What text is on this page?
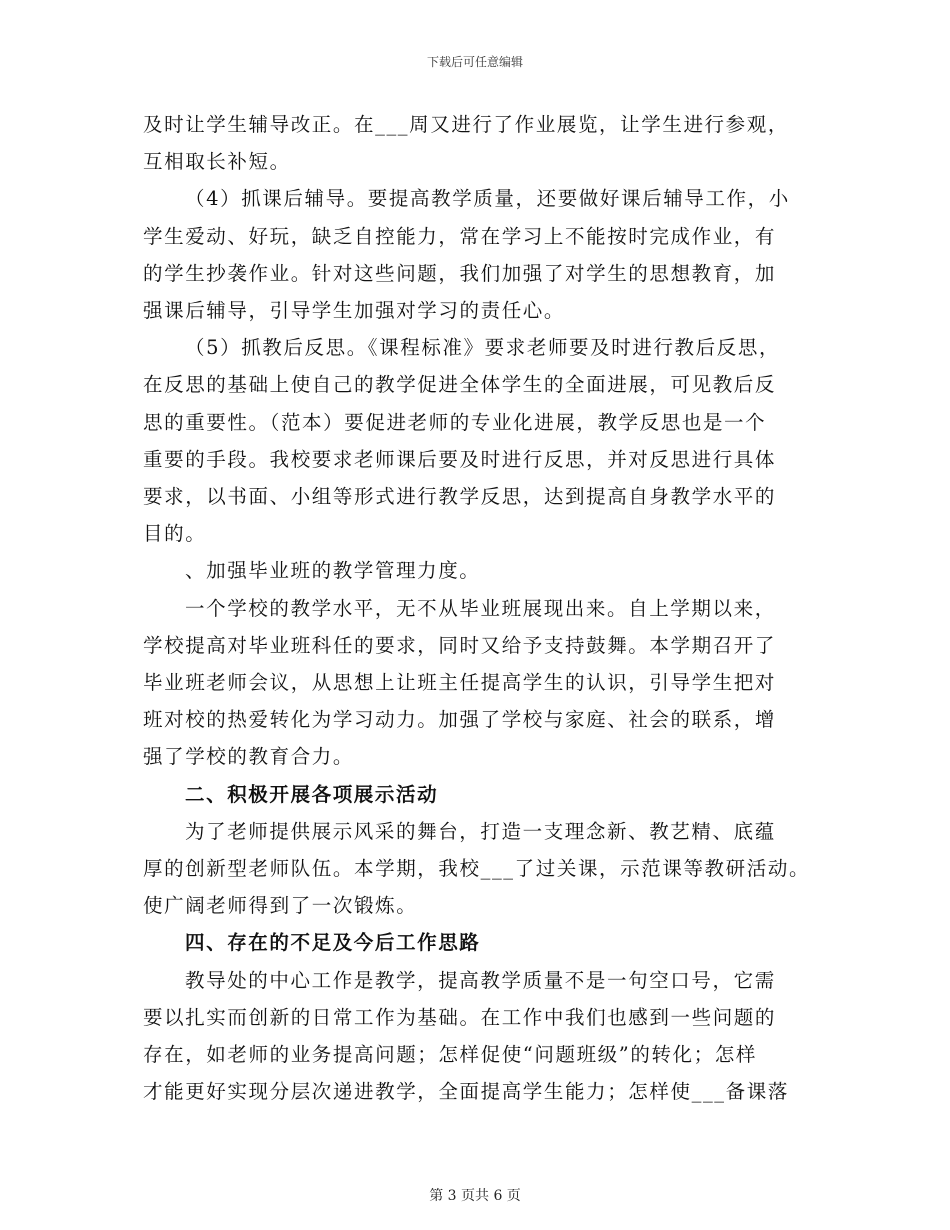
下载后可任意编辑
及时让学生辅导改正。在___周又进行了作业展览，让学生进行参观，
互相取长补短。
（4）抓课后辅导。要提高教学质量，还要做好课后辅导工作，小
学生爱动、好玩，缺乏自控能力，常在学习上不能按时完成作业，有
的学生抄袭作业。针对这些问题，我们加强了对学生的思想教育，加
强课后辅导，引导学生加强对学习的责任心。
（5）抓教后反思。《课程标准》要求老师要及时进行教后反思，
在反思的基础上使自己的教学促进全体学生的全面进展，可见教后反
思的重要性。（范本）要促进老师的专业化进展，教学反思也是一个
重要的手段。我校要求老师课后要及时进行反思，并对反思进行具体
要求，以书面、小组等形式进行教学反思，达到提高自身教学水平的
目的。
、加强毕业班的教学管理力度。
一个学校的教学水平，无不从毕业班展现出来。自上学期以来，
学校提高对毕业班科任的要求，同时又给予支持鼓舞。本学期召开了
毕业班老师会议，从思想上让班主任提高学生的认识，引导学生把对
班对校的热爱转化为学习动力。加强了学校与家庭、社会的联系，增
强了学校的教育合力。
二、积极开展各项展示活动
为了老师提供展示风采的舞台，打造一支理念新、教艺精、底蕴
厚的创新型老师队伍。本学期，我校___了过关课，示范课等教研活动。
使广阔老师得到了一次锻炼。
四、存在的不足及今后工作思路
教导处的中心工作是教学，提高教学质量不是一句空口号，它需
要以扎实而创新的日常工作为基础。在工作中我们也感到一些问题的
存在，如老师的业务提高问题；怎样促使“问题班级”的转化；怎样
才能更好实现分层次递进教学，全面提高学生能力；怎样使___备课落
第 3 页共 6 页
